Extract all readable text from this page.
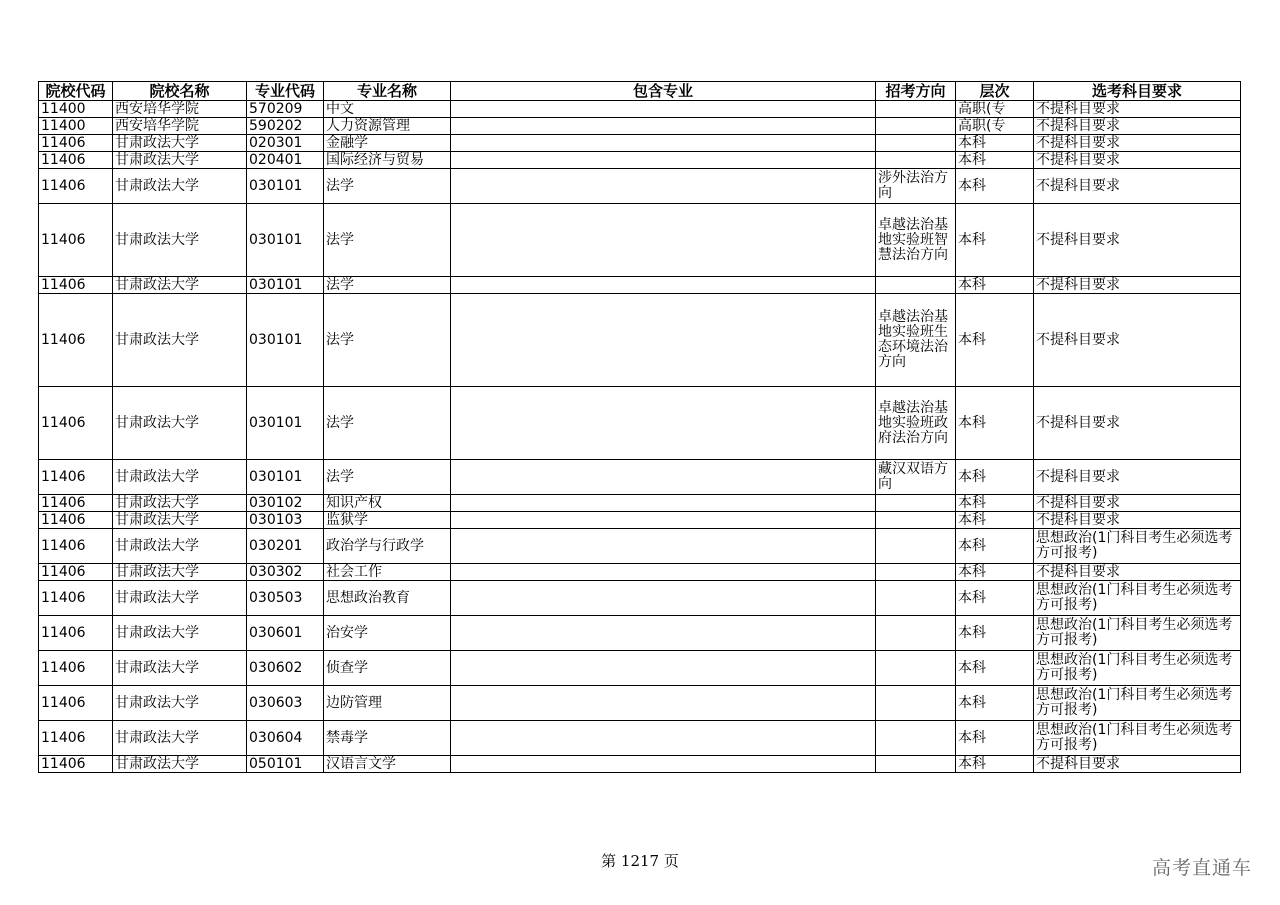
院校代码	院校名称	专业代码	专业名称	包含专业	招考方向	层次	选考科目要求
11400	西安培华学院	570209	中文			高职(专	不提科目要求
11400	西安培华学院	590202	人力资源管理			高职(专	不提科目要求
11406	甘肃政法大学	020301	金融学			本科	不提科目要求
11406	甘肃政法大学	020401	国际经济与贸易			本科	不提科目要求
11406	甘肃政法大学	030101	法学		涉外法治方向	本科	不提科目要求
11406	甘肃政法大学	030101	法学		卓越法治基地实验班智慧法治方向	本科	不提科目要求
11406	甘肃政法大学	030101	法学			本科	不提科目要求
11406	甘肃政法大学	030101	法学		卓越法治基地实验班生态环境法治方向	本科	不提科目要求
11406	甘肃政法大学	030101	法学		卓越法治基地实验班政府法治方向	本科	不提科目要求
11406	甘肃政法大学	030101	法学		藏汉双语方向	本科	不提科目要求
11406	甘肃政法大学	030102	知识产权			本科	不提科目要求
11406	甘肃政法大学	030103	监狱学			本科	不提科目要求
11406	甘肃政法大学	030201	政治学与行政学			本科	思想政治(1门科目考生必须选考方可报考)
11406	甘肃政法大学	030302	社会工作			本科	不提科目要求
11406	甘肃政法大学	030503	思想政治教育			本科	思想政治(1门科目考生必须选考方可报考)
11406	甘肃政法大学	030601	治安学			本科	思想政治(1门科目考生必须选考方可报考)
11406	甘肃政法大学	030602	侦查学			本科	思想政治(1门科目考生必须选考方可报考)
11406	甘肃政法大学	030603	边防管理			本科	思想政治(1门科目考生必须选考方可报考)
11406	甘肃政法大学	030604	禁毒学			本科	思想政治(1门科目考生必须选考方可报考)
11406	甘肃政法大学	050101	汉语言文学			本科	不提科目要求
第 1217 页	高考直通车
